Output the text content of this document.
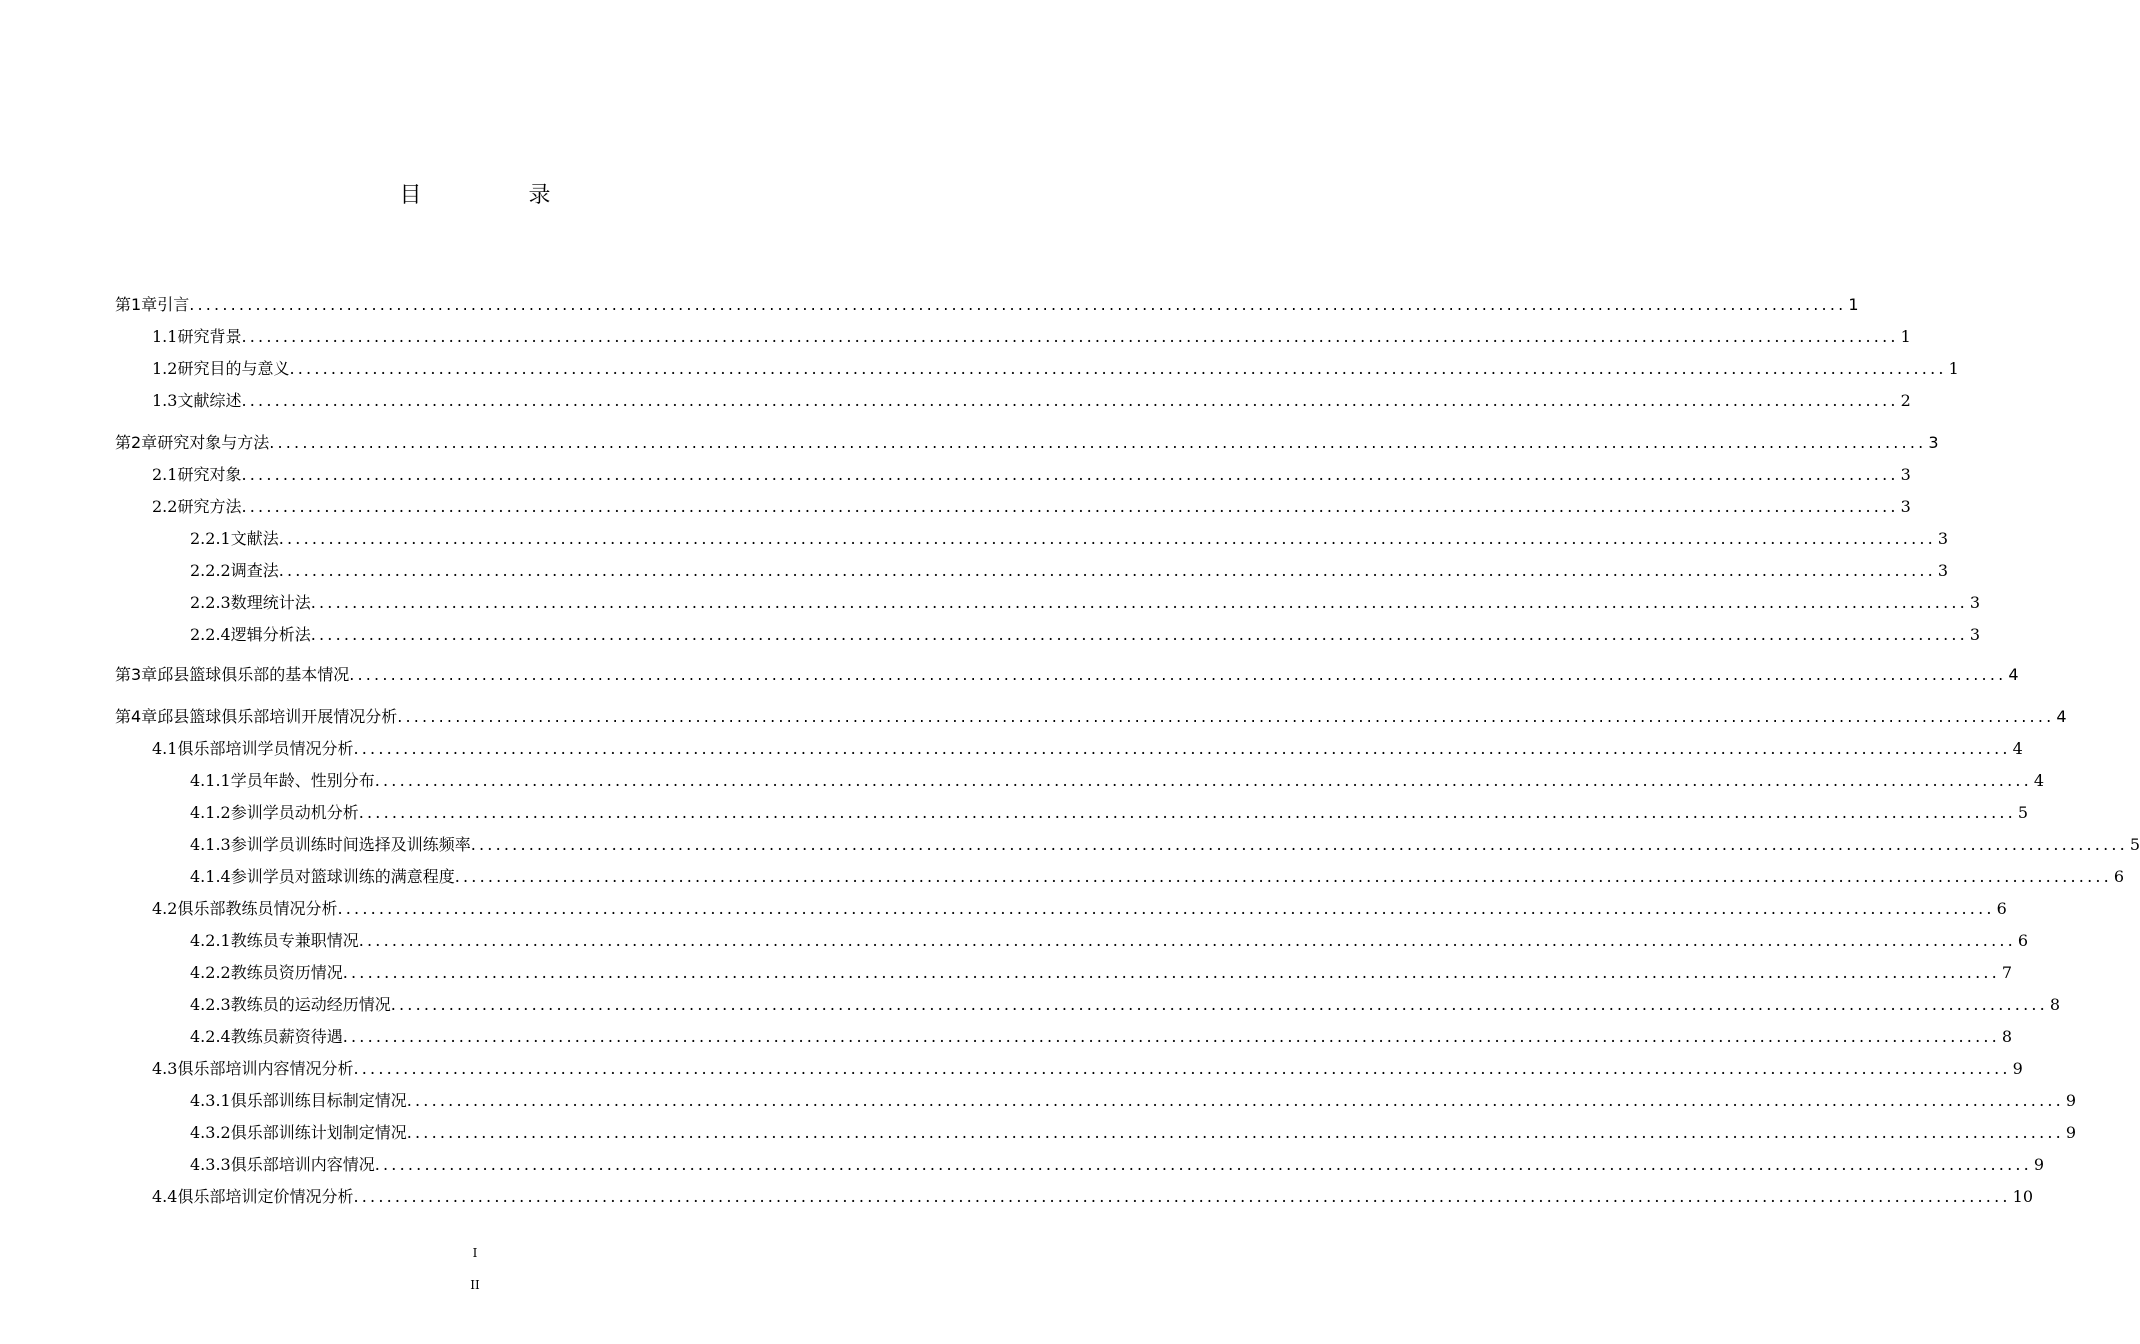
目 录
第1章 引言 ........................................................................................................................................................................................................ 1
1.1 研究背景 ........................................................................................................................................................................................................ 1
1.2 研究目的与意义 ........................................................................................................................................................................................................ 1
1.3 文献综述 ........................................................................................................................................................................................................ 2
第2章 研究对象与方法 ........................................................................................................................................................................................................ 3
2.1 研究对象 ........................................................................................................................................................................................................ 3
2.2 研究方法 ........................................................................................................................................................................................................ 3
2.2.1 文献法 ........................................................................................................................................................................................................ 3
2.2.2 调查法 ........................................................................................................................................................................................................ 3
2.2.3 数理统计法 ........................................................................................................................................................................................................ 3
2.2.4 逻辑分析法 ........................................................................................................................................................................................................ 3
第3章 邱县篮球俱乐部的基本情况 ........................................................................................................................................................................................................ 4
第4章 邱县篮球俱乐部培训开展情况分析 ........................................................................................................................................................................................................ 4
4.1 俱乐部培训学员情况分析 ........................................................................................................................................................................................................ 4
4.1.1 学员年龄、性别分布 ........................................................................................................................................................................................................ 4
4.1.2 参训学员动机分析 ........................................................................................................................................................................................................ 5
4.1.3 参训学员训练时间选择及训练频率 ........................................................................................................................................................................................................ 5
4.1.4 参训学员对篮球训练的满意程度 ........................................................................................................................................................................................................ 6
4.2 俱乐部教练员情况分析 ........................................................................................................................................................................................................ 6
4.2.1 教练员专兼职情况 ........................................................................................................................................................................................................ 6
4.2.2 教练员资历情况 ........................................................................................................................................................................................................ 7
4.2.3 教练员的运动经历情况 ........................................................................................................................................................................................................ 8
4.2.4 教练员薪资待遇 ........................................................................................................................................................................................................ 8
4.3 俱乐部培训内容情况分析 ........................................................................................................................................................................................................ 9
4.3.1 俱乐部训练目标制定情况 ........................................................................................................................................................................................................ 9
4.3.2 俱乐部训练计划制定情况 ........................................................................................................................................................................................................ 9
4.3.3 俱乐部培训内容情况 ........................................................................................................................................................................................................ 9
4.4 俱乐部培训定价情况分析 ........................................................................................................................................................................................................ 10
I
II
